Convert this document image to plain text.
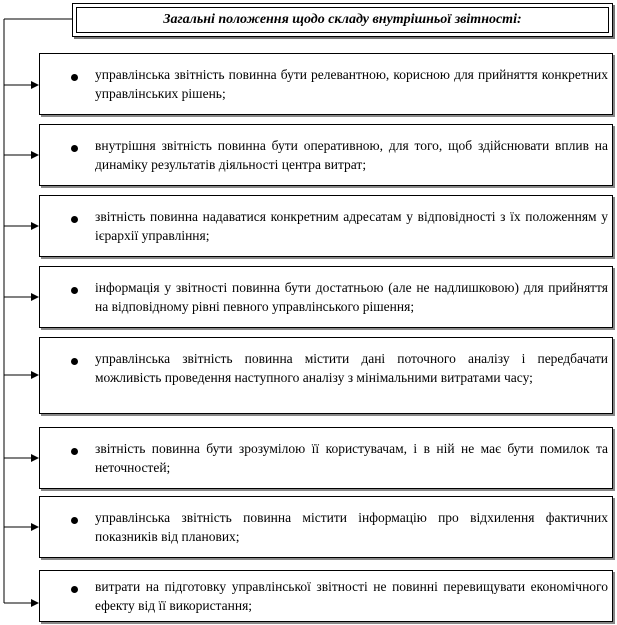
Загальні положення щодо складу внутрішньої звітності:
управлінська звітність повинна бути релевантною, корисною для прийняття конкретних управлінських рішень;
внутрішня звітність повинна бути оперативною, для того, щоб здійснювати вплив на динаміку результатів діяльності центра витрат;
звітність повинна надаватися конкретним адресатам у відповідності з їх положенням у ієрархії управління;
інформація у звітності повинна бути достатньою (але не надлишковою) для прийняття на відповідному рівні певного управлінського рішення;
управлінська звітність повинна містити дані поточного аналізу і передбачати можливість проведення наступного аналізу з мінімальними витратами часу;
звітність повинна бути зрозумілою її користувачам, і в ній не має бути помилок та неточностей;
управлінська звітність повинна містити інформацію про відхилення фактичних показників від планових;
витрати на підготовку управлінської звітності не повинні перевищувати економічного ефекту від її використання;
